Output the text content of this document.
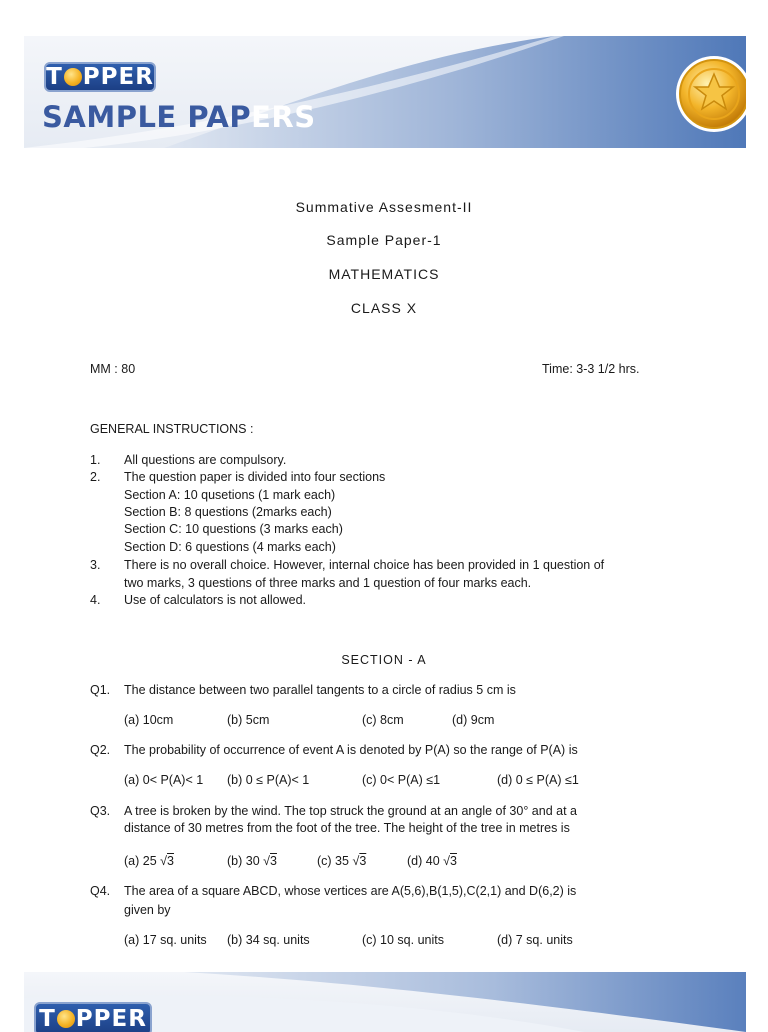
T PPER
SAMPLE PAPERS
Summative Assesment-II
Sample Paper-1
MATHEMATICS
CLASS X
MM : 80	Time: 3-3 1/2 hrs.
GENERAL INSTRUCTIONS :
1. All questions are compulsory.
2. The question paper is divided into four sections
Section A: 10 qusetions (1 mark each)
Section B: 8 questions (2marks each)
Section C: 10 questions (3 marks each)
Section D: 6 questions (4 marks each)
3. There is no overall choice. However, internal choice has been provided in 1 question of
two marks, 3 questions of three marks and 1 question of four marks each.
4. Use of calculators is not allowed.
SECTION - A
Q1. The distance between two parallel tangents to a circle of radius 5 cm is
(a) 10cm	(b) 5cm	(c) 8cm	(d) 9cm
Q2. The probability of occurrence of event A is denoted by P(A) so the range of P(A) is
(a) 0< P(A)< 1 (b) 0 ≤ P(A)< 1	(c) 0< P(A) ≤1	(d) 0 ≤ P(A) ≤1
Q3. A tree is broken by the wind. The top struck the ground at an angle of 30° and at a
distance of 30 metres from the foot of the tree. The height of the tree in metres is
(a) 25 √3	(b) 30 √3	(c) 35 √3	(d) 40 √3
Q4. The area of a square ABCD, whose vertices are A(5,6),B(1,5),C(2,1) and D(6,2) is
given by
(a) 17 sq. units (b) 34 sq. units	(c) 10 sq. units	(d) 7 sq. units
T PPER
